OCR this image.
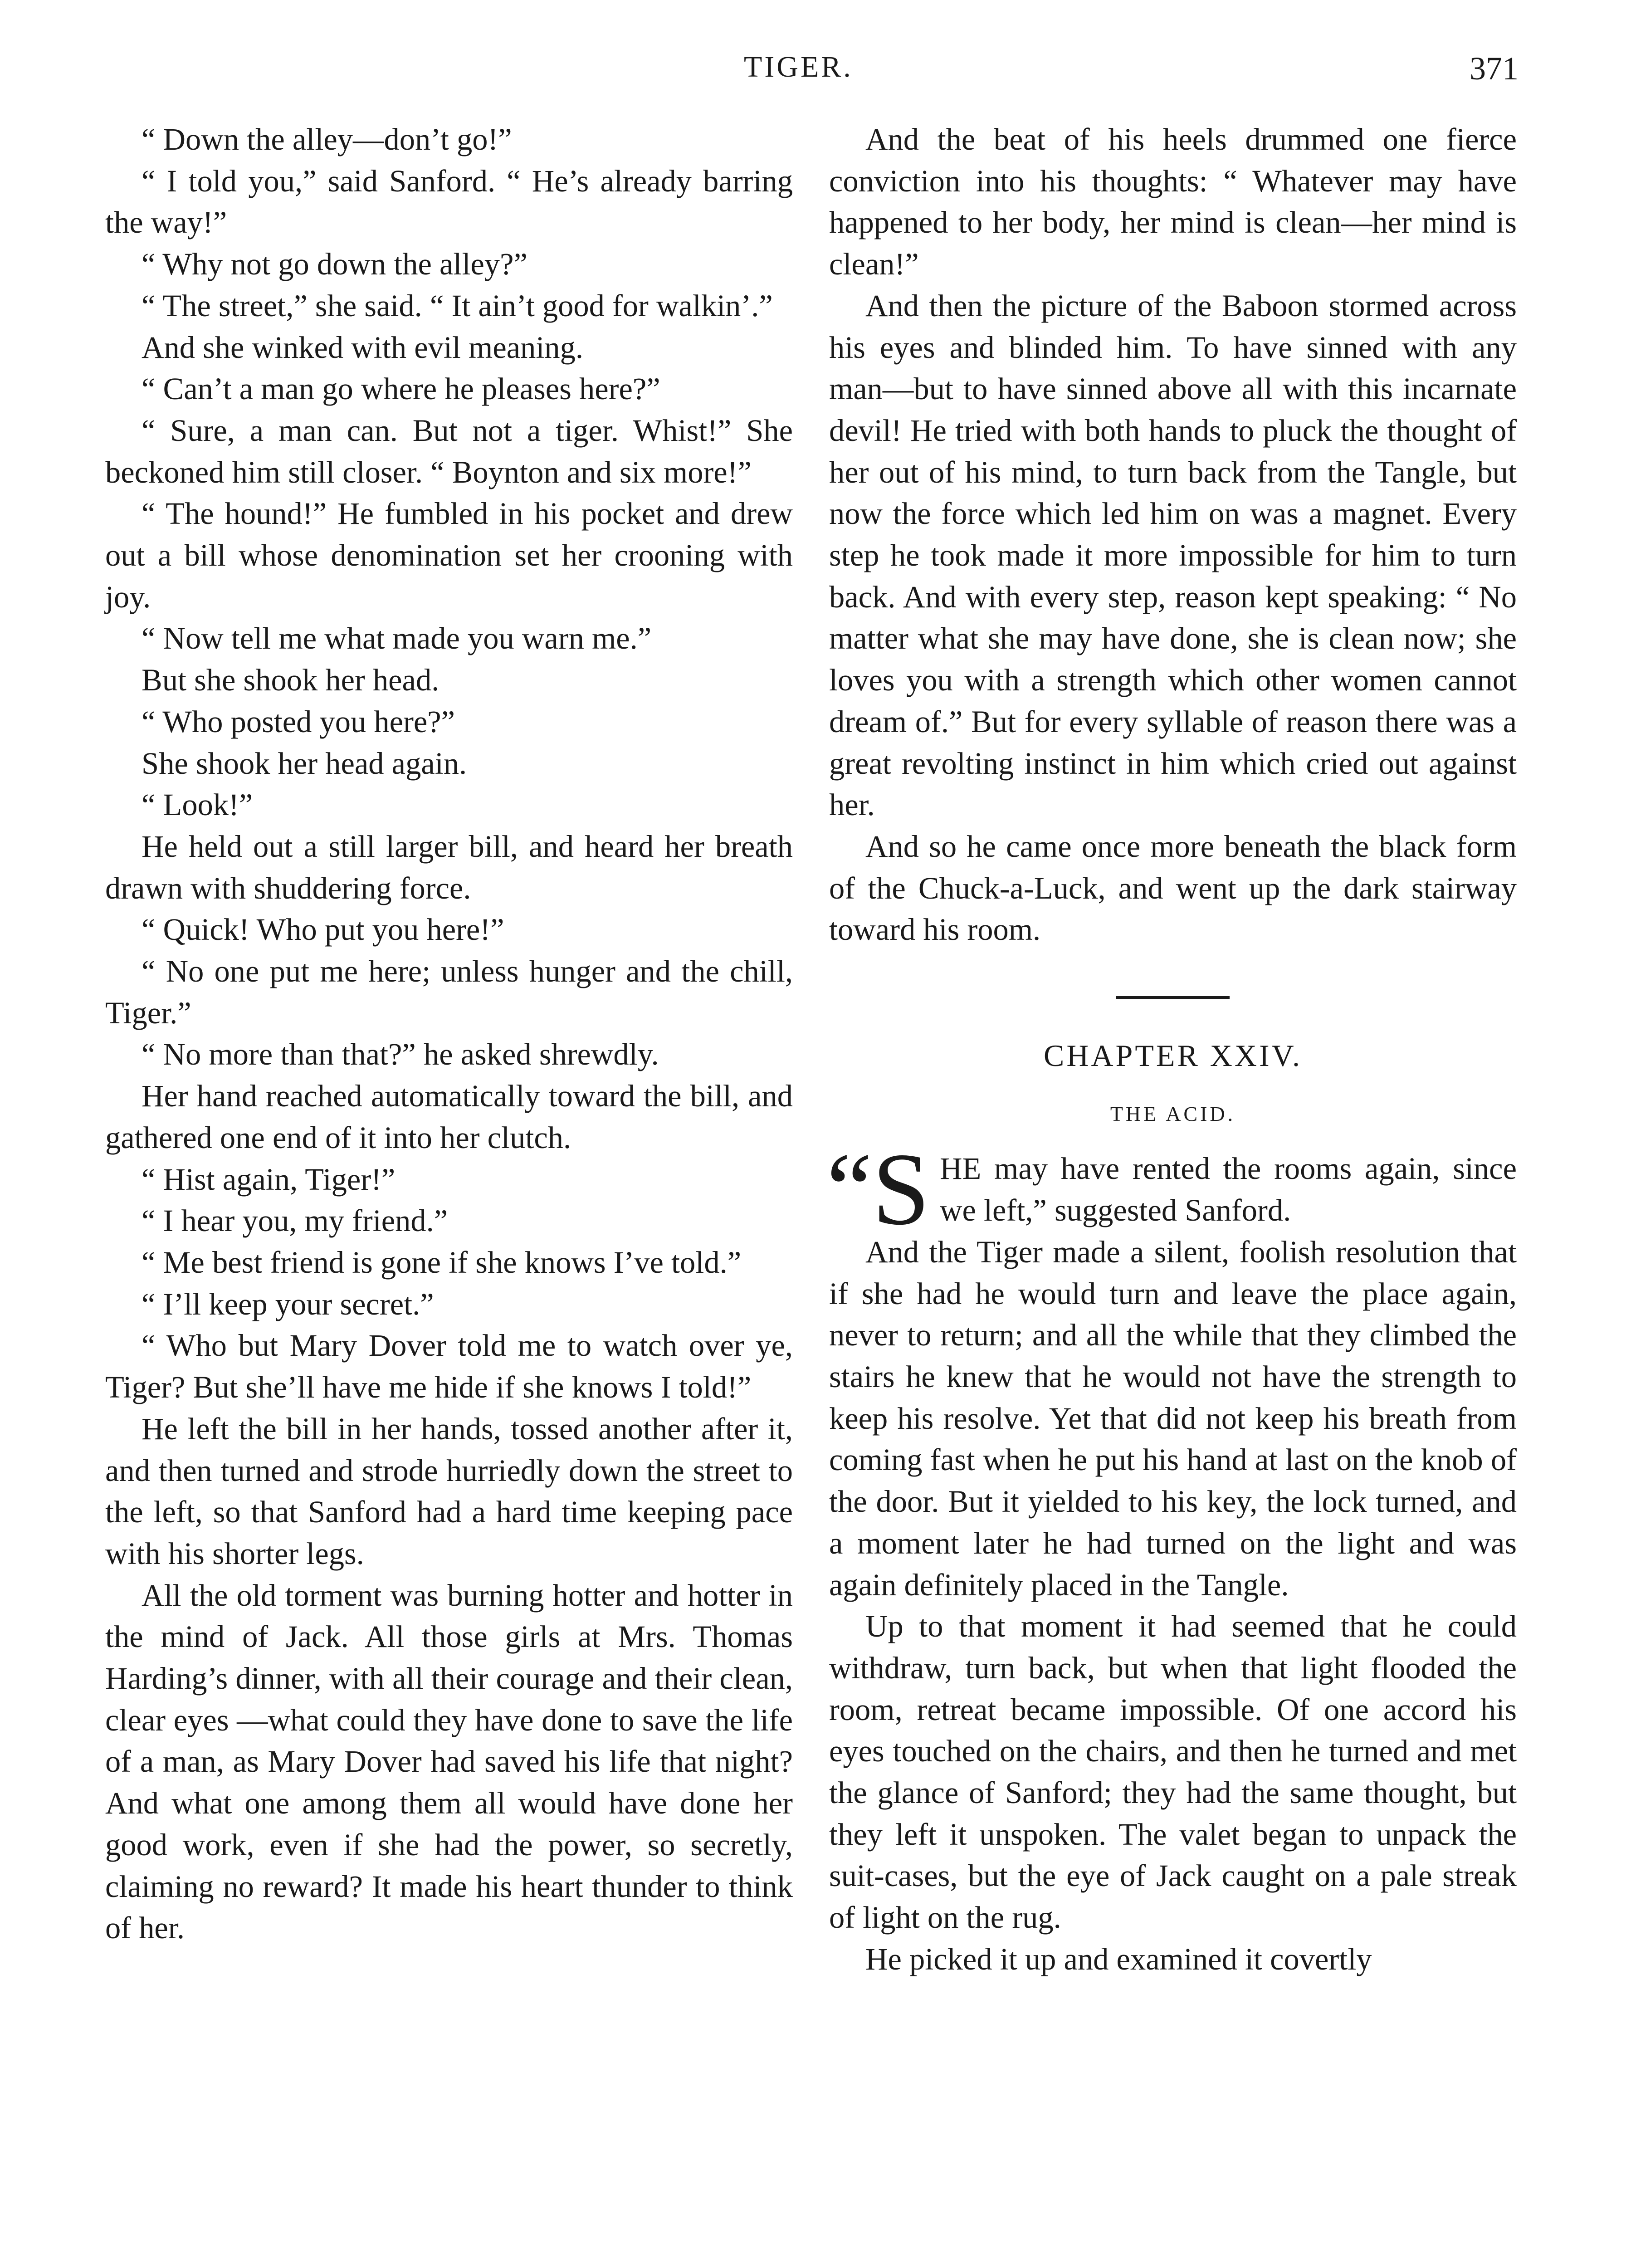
TIGER.	371

“ Down the alley—don’t go!”

“ I told you,” said Sanford. “ He’s already barring the way!”

“ Why not go down the alley?”

“ The street,” she said. “ It ain’t good for walkin’.”

And she winked with evil meaning.

“ Can’t a man go where he pleases here?”

“ Sure, a man can. But not a tiger. Whist!” She beckoned him still closer. “ Boynton and six more!”

“ The hound!” He fumbled in his pocket and drew out a bill whose denomination set her crooning with joy.

“ Now tell me what made you warn me.”

But she shook her head.

“ Who posted you here?”

She shook her head again.

“ Look!”

He held out a still larger bill, and heard her breath drawn with shuddering force.

“ Quick! Who put you here!”

“ No one put me here; unless hunger and the chill, Tiger.”

“ No more than that?” he asked shrewdly.

Her hand reached automatically toward the bill, and gathered one end of it into her clutch.

“ Hist again, Tiger!”

“ I hear you, my friend.”

“ Me best friend is gone if she knows I’ve told.”

“ I’ll keep your secret.”

“ Who but Mary Dover told me to watch over ye, Tiger? But she’ll have me hide if she knows I told!”

He left the bill in her hands, tossed another after it, and then turned and strode hurriedly down the street to the left, so that Sanford had a hard time keeping pace with his shorter legs.

All the old torment was burning hotter and hotter in the mind of Jack. All those girls at Mrs. Thomas Harding’s dinner, with all their courage and their clean, clear eyes —what could they have done to save the life of a man, as Mary Dover had saved his life that night? And what one among them all would have done her good work, even if she had the power, so secretly, claiming no reward? It made his heart thunder to think of her.

And the beat of his heels drummed one fierce conviction into his thoughts: “ Whatever may have happened to her body, her mind is clean—her mind is clean!”

And then the picture of the Baboon stormed across his eyes and blinded him. To have sinned with any man—but to have sinned above all with this incarnate devil! He tried with both hands to pluck the thought of her out of his mind, to turn back from the Tangle, but now the force which led him on was a magnet. Every step he took made it more impossible for him to turn back. And with every step, reason kept speaking: “ No matter what she may have done, she is clean now; she loves you with a strength which other women cannot dream of.” But for every syllable of reason there was a great revolting instinct in him which cried out against her.

And so he came once more beneath the black form of the Chuck-a-Luck, and went up the dark stairway toward his room.

CHAPTER XXIV.

THE ACID.

“S HE may have rented the rooms again, since we left,” suggested Sanford.

And the Tiger made a silent, foolish resolution that if she had he would turn and leave the place again, never to return; and all the while that they climbed the stairs he knew that he would not have the strength to keep his resolve. Yet that did not keep his breath from coming fast when he put his hand at last on the knob of the door. But it yielded to his key, the lock turned, and a moment later he had turned on the light and was again definitely placed in the Tangle.

Up to that moment it had seemed that he could withdraw, turn back, but when that light flooded the room, retreat became impossible. Of one accord his eyes touched on the chairs, and then he turned and met the glance of Sanford; they had the same thought, but they left it unspoken. The valet began to unpack the suit-cases, but the eye of Jack caught on a pale streak of light on the rug.

He picked it up and examined it covertly
